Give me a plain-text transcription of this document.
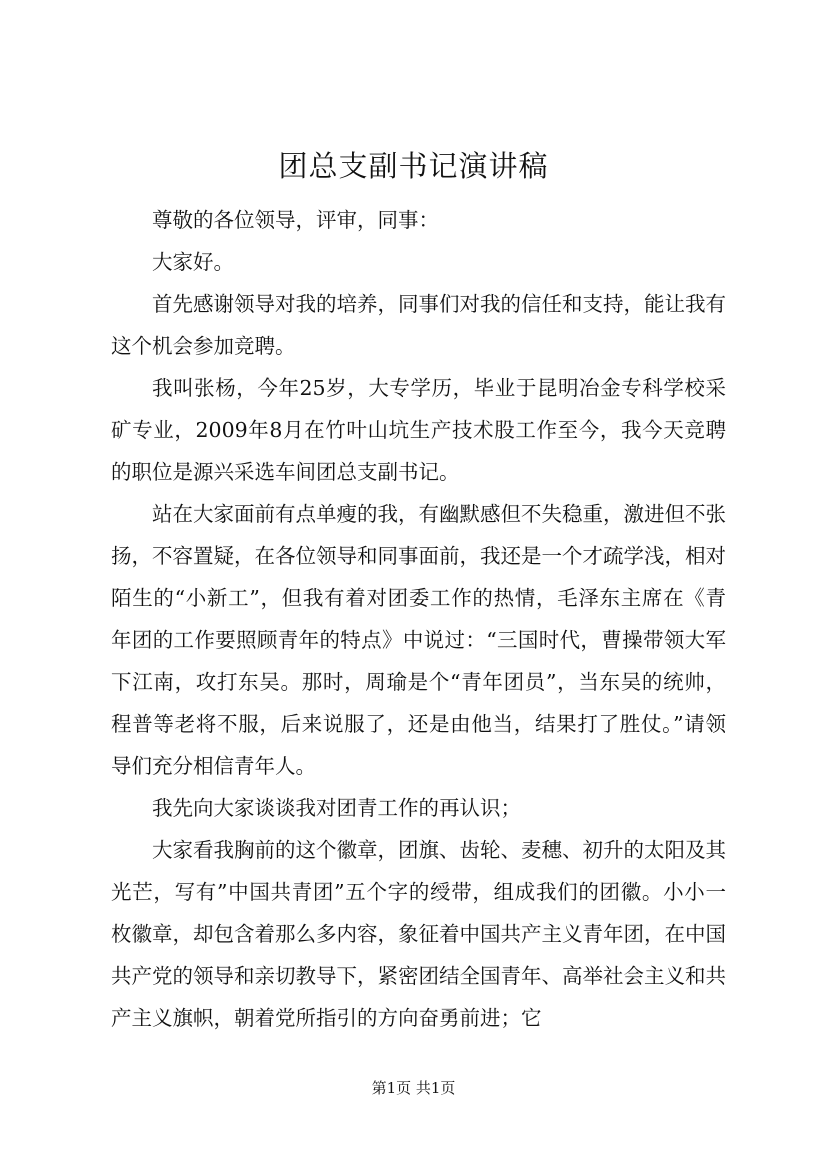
团总支副书记演讲稿

尊敬的各位领导，评审，同事：

大家好。

首先感谢领导对我的培养，同事们对我的信任和支持，能让我有这个机会参加竞聘。

我叫张杨，今年25岁，大专学历，毕业于昆明冶金专科学校采矿专业，2009年8月在竹叶山坑生产技术股工作至今，我今天竞聘的职位是源兴采选车间团总支副书记。

站在大家面前有点单瘦的我，有幽默感但不失稳重，激进但不张扬，不容置疑，在各位领导和同事面前，我还是一个才疏学浅，相对陌生的“小新工”，但我有着对团委工作的热情，毛泽东主席在《青年团的工作要照顾青年的特点》中说过：“三国时代，曹操带领大军下江南，攻打东吴。那时，周瑜是个“青年团员”，当东吴的统帅，程普等老将不服，后来说服了，还是由他当，结果打了胜仗。”请领导们充分相信青年人。

我先向大家谈谈我对团青工作的再认识；

大家看我胸前的这个徽章，团旗、齿轮、麦穗、初升的太阳及其光芒，写有”中国共青团”五个字的绶带，组成我们的团徽。小小一枚徽章，却包含着那么多内容，象征着中国共产主义青年团，在中国共产党的领导和亲切教导下，紧密团结全国青年、高举社会主义和共产主义旗帜，朝着党所指引的方向奋勇前进；它

第1页 共1页
